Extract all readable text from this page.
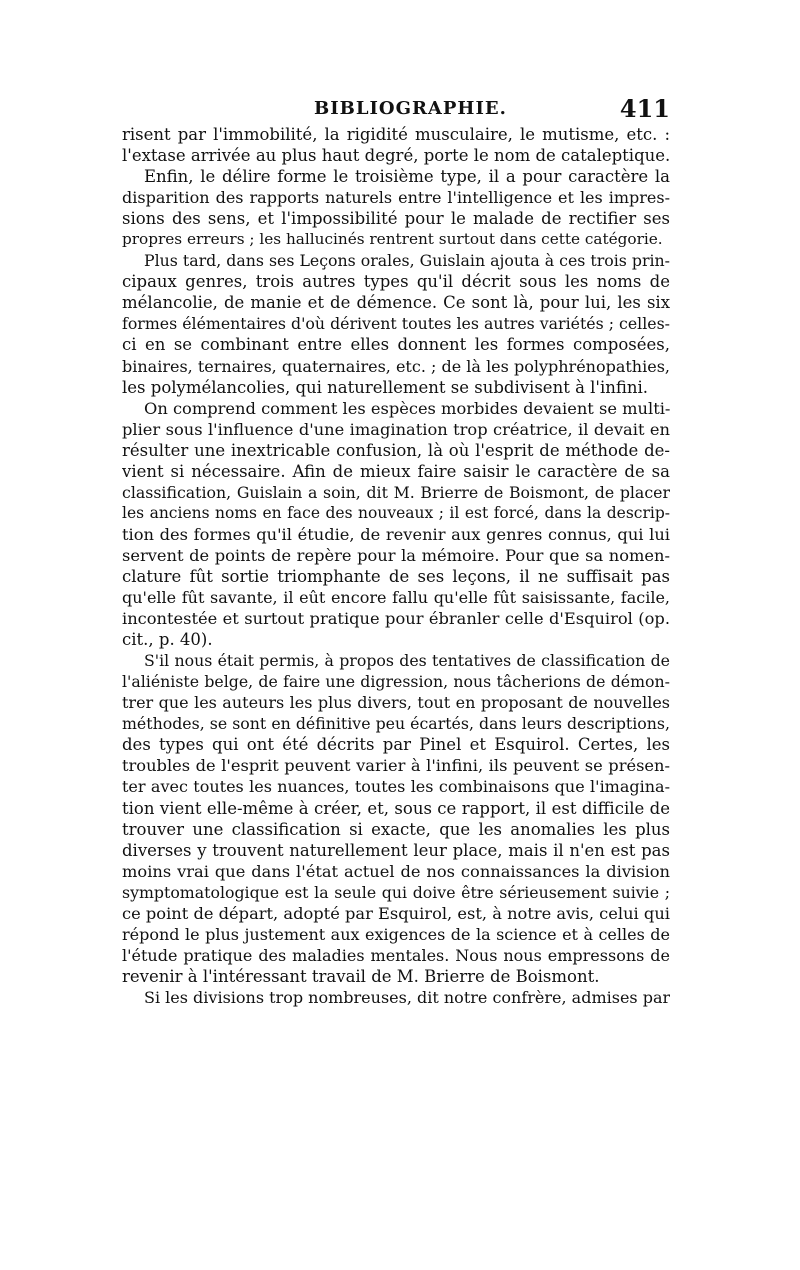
BIBLIOGRAPHIE.	411
risent par l'immobilité, la rigidité musculaire, le mutisme, etc. :
l'extase arrivée au plus haut degré, porte le nom de cataleptique.
Enfin, le délire forme le troisième type, il a pour caractère la
disparition des rapports naturels entre l'intelligence et les impres-
sions des sens, et l'impossibilité pour le malade de rectifier ses
propres erreurs ; les hallucinés rentrent surtout dans cette catégorie.
Plus tard, dans ses Leçons orales, Guislain ajouta à ces trois prin-
cipaux genres, trois autres types qu'il décrit sous les noms de
mélancolie, de manie et de démence. Ce sont là, pour lui, les six
formes élémentaires d'où dérivent toutes les autres variétés ; celles-
ci en se combinant entre elles donnent les formes composées,
binaires, ternaires, quaternaires, etc. ; de là les polyphrénopathies,
les polymélancolies, qui naturellement se subdivisent à l'infini.
On comprend comment les espèces morbides devaient se multi-
plier sous l'influence d'une imagination trop créatrice, il devait en
résulter une inextricable confusion, là où l'esprit de méthode de-
vient si nécessaire. Afin de mieux faire saisir le caractère de sa
classification, Guislain a soin, dit M. Brierre de Boismont, de placer
les anciens noms en face des nouveaux ; il est forcé, dans la descrip-
tion des formes qu'il étudie, de revenir aux genres connus, qui lui
servent de points de repère pour la mémoire. Pour que sa nomen-
clature fût sortie triomphante de ses leçons, il ne suffisait pas
qu'elle fût savante, il eût encore fallu qu'elle fût saisissante, facile,
incontestée et surtout pratique pour ébranler celle d'Esquirol (op.
cit., p. 40).
S'il nous était permis, à propos des tentatives de classification de
l'aliéniste belge, de faire une digression, nous tâcherions de démon-
trer que les auteurs les plus divers, tout en proposant de nouvelles
méthodes, se sont en définitive peu écartés, dans leurs descriptions,
des types qui ont été décrits par Pinel et Esquirol. Certes, les
troubles de l'esprit peuvent varier à l'infini, ils peuvent se présen-
ter avec toutes les nuances, toutes les combinaisons que l'imagina-
tion vient elle-même à créer, et, sous ce rapport, il est difficile de
trouver une classification si exacte, que les anomalies les plus
diverses y trouvent naturellement leur place, mais il n'en est pas
moins vrai que dans l'état actuel de nos connaissances la division
symptomatologique est la seule qui doive être sérieusement suivie ;
ce point de départ, adopté par Esquirol, est, à notre avis, celui qui
répond le plus justement aux exigences de la science et à celles de
l'étude pratique des maladies mentales. Nous nous empressons de
revenir à l'intéressant travail de M. Brierre de Boismont.
Si les divisions trop nombreuses, dit notre confrère, admises par
